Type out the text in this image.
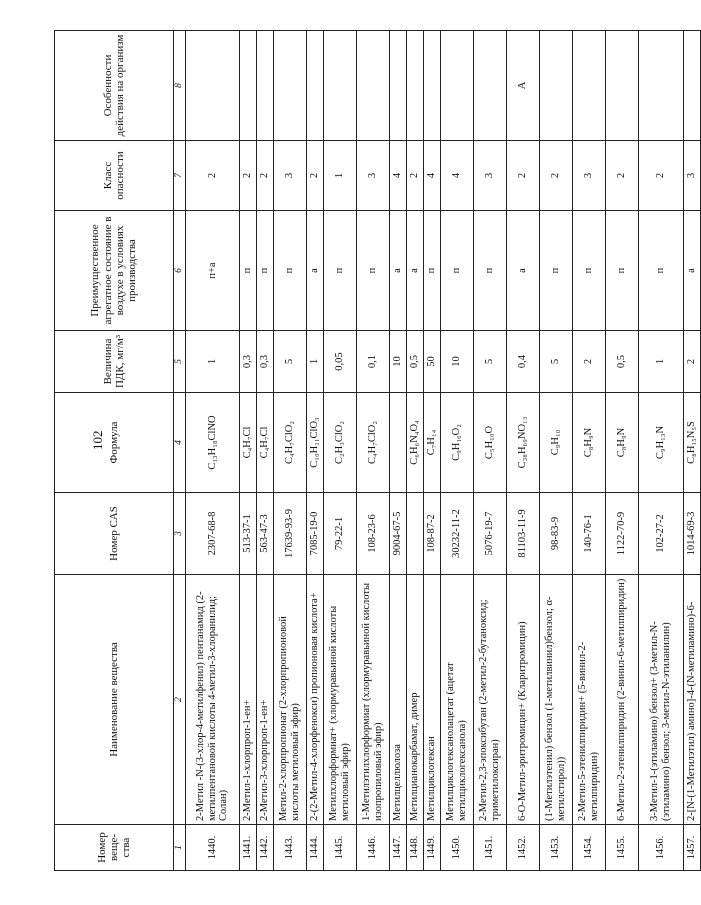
102
Номер веще-ства	Наименование вещества	Номер CAS	Формула	Величина ПДК, мг/м³	Преимущественное агрегатное состояние в воздухе в условиях производства	Класс опасности	Особенности действия на организм
1	2	3	4	5	6	7	8
1440.	2-Метил -N-(3-хлор-4-метилфенил) пентанамид (2-метилпентановой кислоты 4-метил-3-хлоранилид; Солан)	2307-68-8	C₁₃H₁₈ClNO	1	п+а	2	
1441.	2-Метил-1-хлорпроп-1-ен+	513-37-1	C₄H₇Cl	0,3	п	2	
1442.	2-Метил-3-хлорпроп-1-ен+	563-47-3	C₄H₇Cl	0,3	п	2	
1443.	Метил-2-хлорпропионат (2-хлорпропионовой кислоты метиловый эфир)	17639-93-9	C₄H₇ClO₂	5	п	3	
1444.	2-(2-Метил-4-хлорфенокси) пропионовая кислота+	7085-19-0	C₁₀H₁₁ClO₃	1	а	2	
1445.	Метилхлорформиат+ (хлормуравьиной кислоты метиловый эфир)	79-22-1	C₂H₃ClO₂	0,05	п	1	
1446.	1-Метилэтилхлорформиат (хлормуравьиной кислоты изопропиловый эфир)	108-23-6	C₄H₇ClO₂	0,1	п	3	
1447.	Метилцеллюлоза	9004-67-5		10	а	4	
1448.	Метилцианокарбамат, димер		C₆H₆N₄O₄	0,5	а	2	
1449.	Метилциклогексан	108-87-2	C₇H₁₄	50	п	4	
1450.	Метилциклогексанолацетат (ацетат метилциклогексанола)	30232-11-2	C₉H₁₆O₂	10	п	4	
1451.	2-Метил-2,3-эпоксибутан (2-метил-2-бутаноксид; триметилоксиран)	5076-19-7	C₅H₁₀O	5	п	3	
1452.	6-О-Метил-эритромицин+ (Кларитромицин)	81103-11-9	C₃₈H₆₉NO₁₃	0,4	а	2	А
1453.	(1-Метилэтенил) бензол (1-метилвинил)бензол; α-метилстирол))	98-83-9	C₉H₁₀	5	п	2	
1454.	2-Метил-5-этенилпиридин+ (5-винил-2-метилпиридин)	140-76-1	C₈H₉N	2	п	3	
1455.	6-Метил-2-этенилпиридин (2-винил-6-метилпиридин)	1122-70-9	C₈H₉N	0,5	п	2	
1456.	3-Метил-1-(этиламино) бензол+ (3-метил-N-(этиламино) бензол; 3-метил-N-этиланилин)	102-27-2	C₉H₁₃N	1	п	2	
1457.	2-[N-(1-Метилэтил) амино]-4-(N-метиламино)-6-	1014-69-3	C₈H₁₅N₅S	2	а	3	
